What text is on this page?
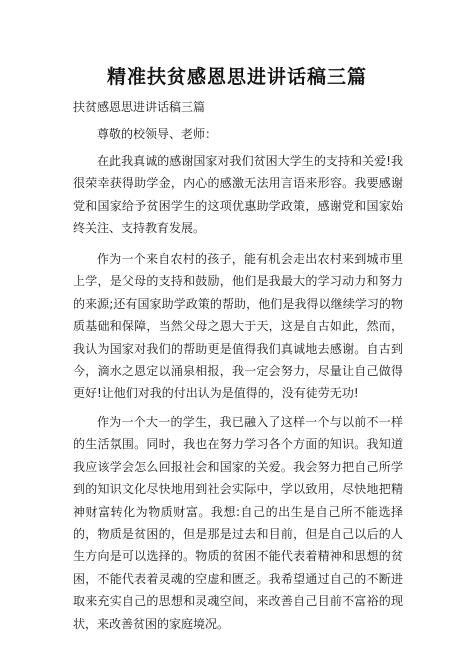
精准扶贫感恩思进讲话稿三篇

扶贫感恩思进讲话稿三篇

尊敬的校领导、老师：

在此我真诚的感谢国家对我们贫困大学生的支持和关爱!我很荣幸获得助学金，内心的感激无法用言语来形容。我要感谢党和国家给予贫困学生的这项优惠助学政策，感谢党和国家始终关注、支持教育发展。

作为一个来自农村的孩子，能有机会走出农村来到城市里上学，是父母的支持和鼓励，他们是我最大的学习动力和努力的来源;还有国家助学政策的帮助，他们是我得以继续学习的物质基础和保障，当然父母之恩大于天，这是自古如此，然而，我认为国家对我们的帮助更是值得我们真诚地去感谢。自古到今，滴水之恩定以涌泉相报，我一定会努力，尽量让自己做得更好!让他们对我的付出认为是值得的，没有徒劳无功!

作为一个大一的学生，我已融入了这样一个与以前不一样的生活氛围。同时，我也在努力学习各个方面的知识。我知道我应该学会怎么回报社会和国家的关爱。我会努力把自己所学到的知识文化尽快地用到社会实际中，学以致用，尽快地把精神财富转化为物质财富。我想:自己的出生是自己所不能选择的，物质是贫困的，但是那是过去和目前，但是自己以后的人生方向是可以选择的。物质的贫困不能代表着精神和思想的贫困，不能代表着灵魂的空虚和匮乏。我希望通过自己的不断进取来充实自己的思想和灵魂空间，来改善自己目前不富裕的现状，来改善贫困的家庭境况。
